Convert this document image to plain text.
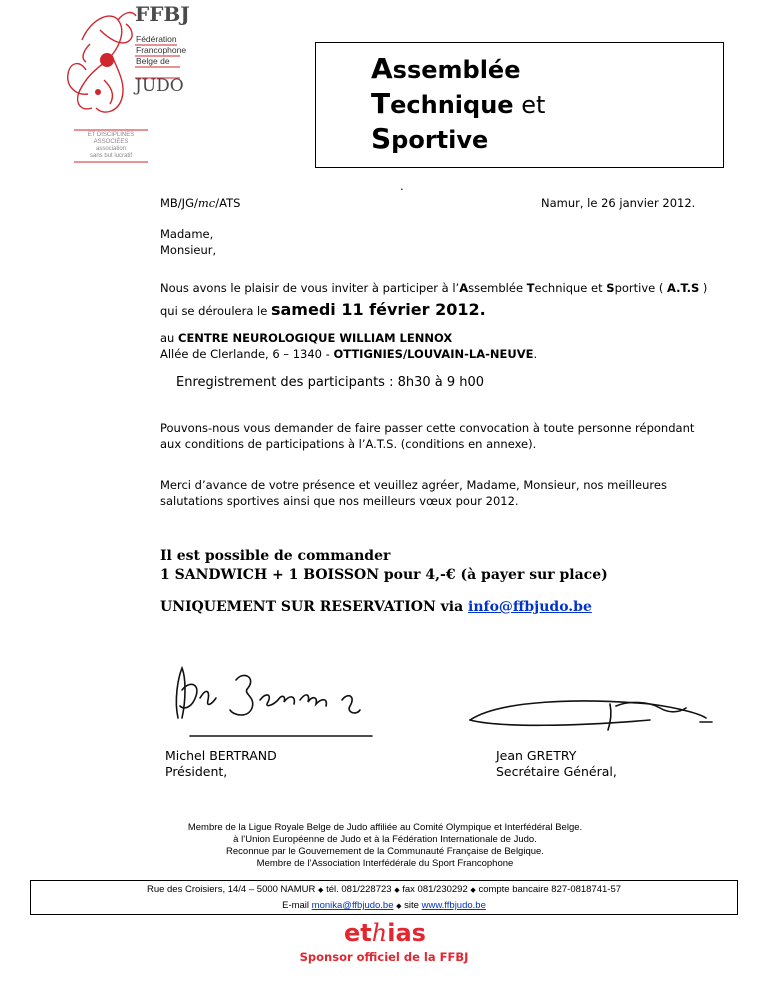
FFBJ
Fédération
Francophone
Belge de
JUDO
ET DISCIPLINES
ASSOCIÉES
association
sans but lucratif
Assemblée
Technique et
Sportive
.
MB/JG/mc/ATS	Namur, le 26 janvier 2012.
Madame,
Monsieur,
Nous avons le plaisir de vous inviter à participer à l’Assemblée Technique et Sportive ( A.T.S )
qui se déroulera le samedi 11 février 2012.
au CENTRE NEUROLOGIQUE WILLIAM LENNOX
Allée de Clerlande, 6 – 1340 - OTTIGNIES/LOUVAIN-LA-NEUVE.
Enregistrement des participants : 8h30 à 9 h00
Pouvons-nous vous demander de faire passer cette convocation à toute personne répondant
aux conditions de participations à l’A.T.S. (conditions en annexe).
Merci d’avance de votre présence et veuillez agréer, Madame, Monsieur, nos meilleures
salutations sportives ainsi que nos meilleurs vœux pour 2012.
Il est possible de commander
1 SANDWICH + 1 BOISSON pour 4,-€ (à payer sur place)
UNIQUEMENT SUR RESERVATION via info@ffbjudo.be
Michel BERTRAND
Président,
Jean GRETRY
Secrétaire Général,
Membre de la Ligue Royale Belge de Judo affiliée au Comité Olympique et Interfédéral Belge.
à l’Union Européenne de Judo et à la Fédération Internationale de Judo.
Reconnue par le Gouvernement de la Communauté Française de Belgique.
Membre de l’Association Interfédérale du Sport Francophone
Rue des Croisiers, 14/4 – 5000 NAMUR ◆ tél. 081/228723 ◆ fax 081/230292 ◆ compte bancaire 827-0818741-57
E-mail monika@ffbjudo.be ◆ site www.ffbjudo.be
ethias
Sponsor officiel de la FFBJ
